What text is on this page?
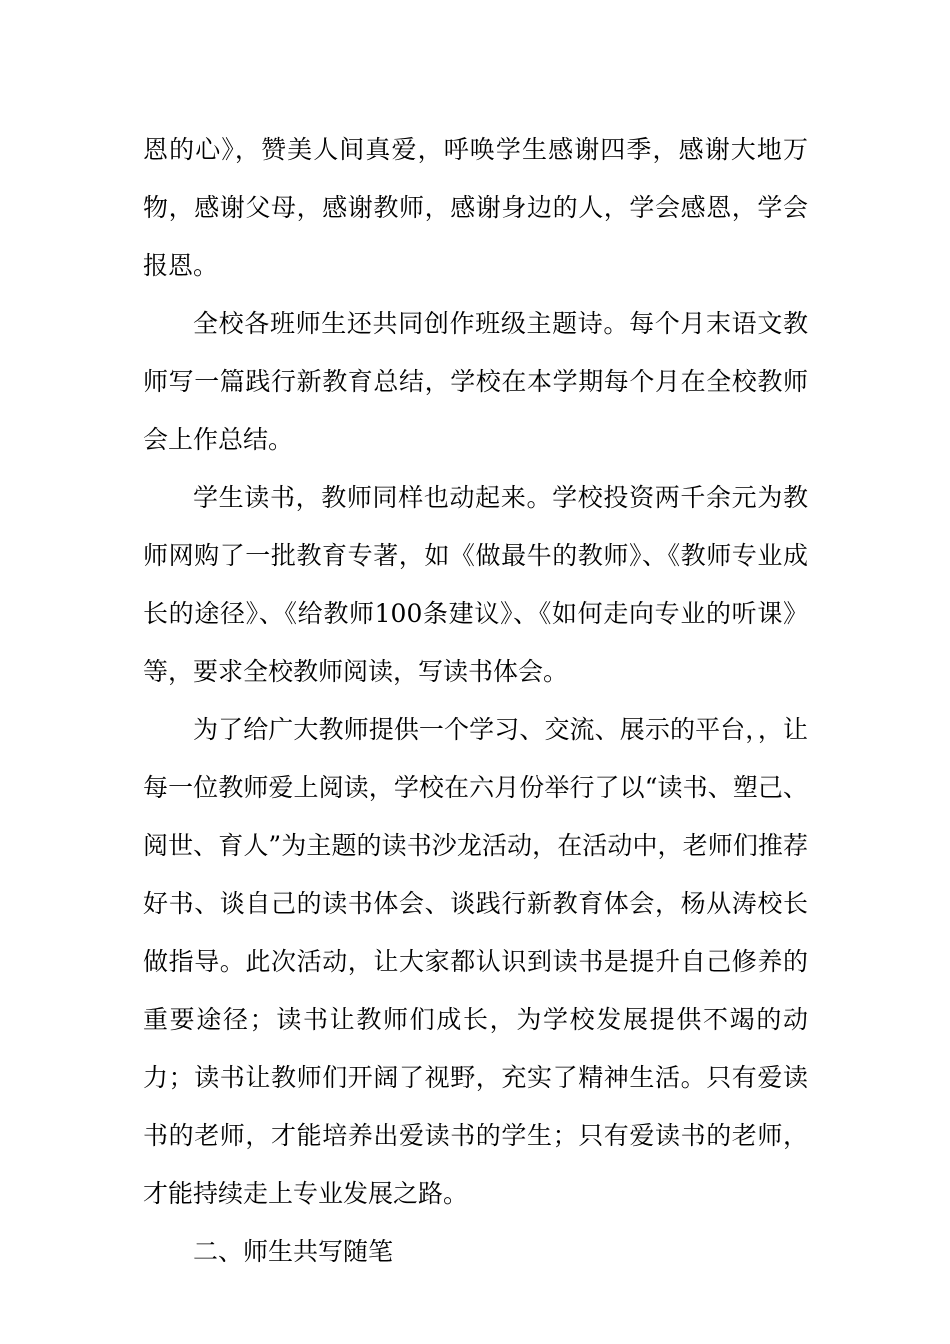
恩的心》，赞美人间真爱，呼唤学生感谢四季，感谢大地万物，感谢父母，感谢教师，感谢身边的人，学会感恩，学会报恩。

全校各班师生还共同创作班级主题诗。每个月末语文教师写一篇践行新教育总结，学校在本学期每个月在全校教师会上作总结。

学生读书，教师同样也动起来。学校投资两千余元为教师网购了一批教育专著，如《做最牛的教师》、《教师专业成长的途径》、《给教师100条建议》、《如何走向专业的听课》等，要求全校教师阅读，写读书体会。

为了给广大教师提供一个学习、交流、展示的平台，，让每一位教师爱上阅读，学校在六月份举行了以“读书、塑己、阅世、育人”为主题的读书沙龙活动，在活动中，老师们推荐好书、谈自己的读书体会、谈践行新教育体会，杨从涛校长做指导。此次活动，让大家都认识到读书是提升自己修养的重要途径；读书让教师们成长，为学校发展提供不竭的动力；读书让教师们开阔了视野，充实了精神生活。只有爱读书的老师，才能培养出爱读书的学生；只有爱读书的老师，才能持续走上专业发展之路。

二、师生共写随笔
